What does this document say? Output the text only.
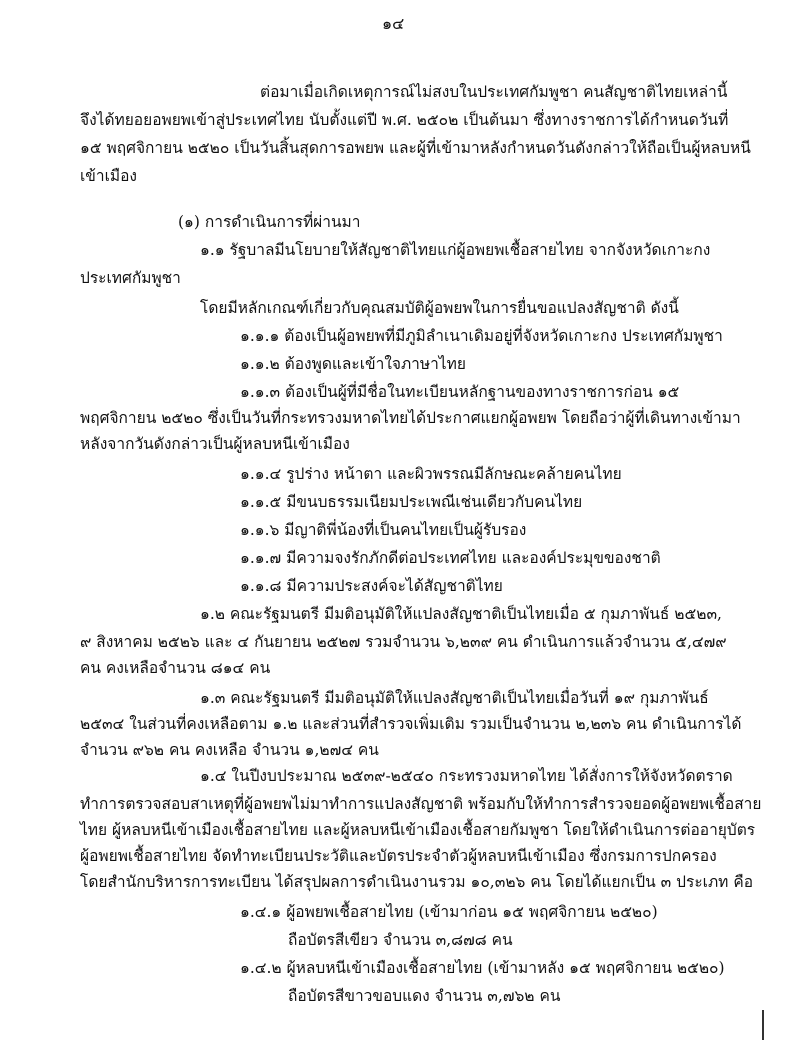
๑๔
ต่อมาเมื่อเกิดเหตุการณ์ไม่สงบในประเทศกัมพูชา คนสัญชาติไทยเหล่านี้
จึงได้ทยอยอพยพเข้าสู่ประเทศไทย นับตั้งแต่ปี พ.ศ. ๒๕๐๒ เป็นต้นมา ซึ่งทางราชการได้กำหนดวันที่
๑๕ พฤศจิกายน ๒๕๒๐ เป็นวันสิ้นสุดการอพยพ และผู้ที่เข้ามาหลังกำหนดวันดังกล่าวให้ถือเป็นผู้หลบหนี
เข้าเมือง
(๑) การดำเนินการที่ผ่านมา
๑.๑ รัฐบาลมีนโยบายให้สัญชาติไทยแก่ผู้อพยพเชื้อสายไทย จากจังหวัดเกาะกง
ประเทศกัมพูชา
โดยมีหลักเกณฑ์เกี่ยวกับคุณสมบัติผู้อพยพในการยื่นขอแปลงสัญชาติ ดังนี้
๑.๑.๑ ต้องเป็นผู้อพยพที่มีภูมิลำเนาเดิมอยู่ที่จังหวัดเกาะกง ประเทศกัมพูชา
๑.๑.๒ ต้องพูดและเข้าใจภาษาไทย
๑.๑.๓ ต้องเป็นผู้ที่มีชื่อในทะเบียนหลักฐานของทางราชการก่อน ๑๕
พฤศจิกายน ๒๕๒๐ ซึ่งเป็นวันที่กระทรวงมหาดไทยได้ประกาศแยกผู้อพยพ โดยถือว่าผู้ที่เดินทางเข้ามา
หลังจากวันดังกล่าวเป็นผู้หลบหนีเข้าเมือง
๑.๑.๔ รูปร่าง หน้าตา และผิวพรรณมีลักษณะคล้ายคนไทย
๑.๑.๕ มีขนบธรรมเนียมประเพณีเช่นเดียวกับคนไทย
๑.๑.๖ มีญาติพี่น้องที่เป็นคนไทยเป็นผู้รับรอง
๑.๑.๗ มีความจงรักภักดีต่อประเทศไทย และองค์ประมุขของชาติ
๑.๑.๘ มีความประสงค์จะได้สัญชาติไทย
๑.๒ คณะรัฐมนตรี มีมติอนุมัติให้แปลงสัญชาติเป็นไทยเมื่อ ๕ กุมภาพันธ์ ๒๕๒๓,
๙ สิงหาคม ๒๕๒๖ และ ๔ กันยายน ๒๕๒๗ รวมจำนวน ๖,๒๓๙ คน ดำเนินการแล้วจำนวน ๕,๔๗๙
คน คงเหลือจำนวน ๘๑๔ คน
๑.๓ คณะรัฐมนตรี มีมติอนุมัติให้แปลงสัญชาติเป็นไทยเมื่อวันที่ ๑๙ กุมภาพันธ์
๒๕๓๔ ในส่วนที่คงเหลือตาม ๑.๒ และส่วนที่สำรวจเพิ่มเติม รวมเป็นจำนวน ๒,๒๓๖ คน ดำเนินการได้
จำนวน ๙๖๒ คน คงเหลือ จำนวน ๑,๒๗๔ คน
๑.๔ ในปีงบประมาณ ๒๕๓๙-๒๕๔๐ กระทรวงมหาดไทย ได้สั่งการให้จังหวัดตราด
ทำการตรวจสอบสาเหตุที่ผู้อพยพไม่มาทำการแปลงสัญชาติ พร้อมกับให้ทำการสำรวจยอดผู้อพยพเชื้อสาย
ไทย ผู้หลบหนีเข้าเมืองเชื้อสายไทย และผู้หลบหนีเข้าเมืองเชื้อสายกัมพูชา โดยให้ดำเนินการต่ออายุบัตร
ผู้อพยพเชื้อสายไทย จัดทำทะเบียนประวัติและบัตรประจำตัวผู้หลบหนีเข้าเมือง ซึ่งกรมการปกครอง
โดยสำนักบริหารการทะเบียน ได้สรุปผลการดำเนินงานรวม ๑๐,๓๒๖ คน โดยได้แยกเป็น ๓ ประเภท คือ
๑.๔.๑ ผู้อพยพเชื้อสายไทย (เข้ามาก่อน ๑๕ พฤศจิกายน ๒๕๒๐)
ถือบัตรสีเขียว จำนวน ๓,๘๗๘ คน
๑.๔.๒ ผู้หลบหนีเข้าเมืองเชื้อสายไทย (เข้ามาหลัง ๑๕ พฤศจิกายน ๒๕๒๐)
ถือบัตรสีขาวขอบแดง จำนวน ๓,๗๖๒ คน
